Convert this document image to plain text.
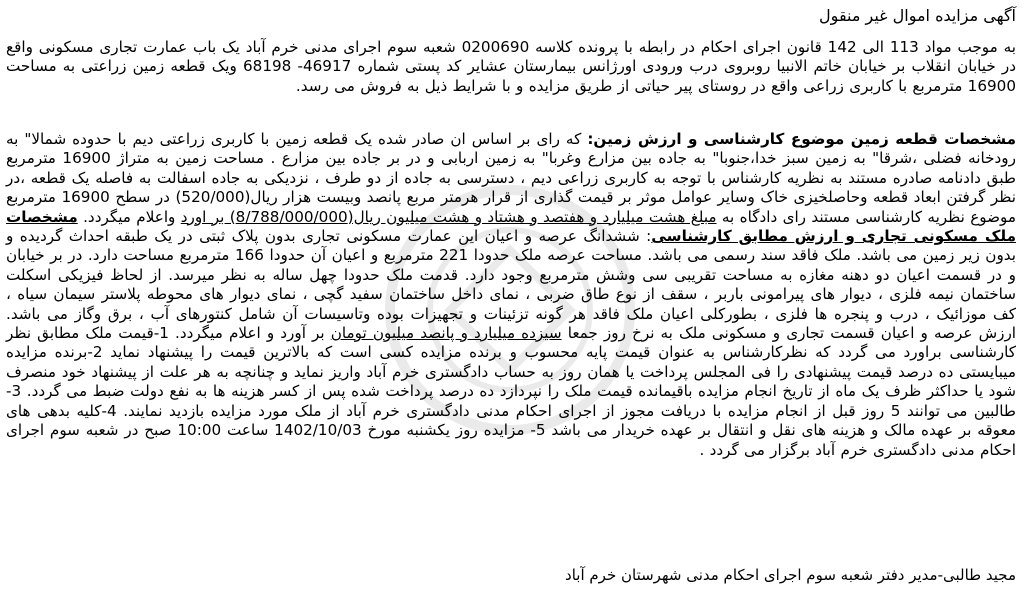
آگهی مزایده اموال غیر منقول
به موجب مواد 113 الی 142 قانون اجرای احکام در رابطه با پرونده کلاسه 0200690 شعبه سوم اجرای مدنی خرم آباد یک باب عمارت تجاری مسکونی واقع در خیابان انقلاب بر خیابان خاتم الانبیا روبروی درب ورودی اورژانس بیمارستان عشایر کد پستی شماره 46917- 68198 ویک قطعه زمین زراعتی به مساحت 16900 مترمربع با کاربری زراعی واقع در روستای پیر حیاتی از طریق مزایده و با شرایط ذیل به فروش می رسد.
مشخصات قطعه زمین موضوع کارشناسی و ارزش زمین: که رای بر اساس ان صادر شده یک قطعه زمین با کاربری زراعتی دیم با حدوده شمالا" به رودخانه فضلی ،شرقا" به زمین سبز خدا،جنوبا" به جاده بین مزارع وغربا" به زمین اربابی و در بر جاده بین مزارع . مساحت زمین به متراژ 16900 مترمربع طبق دادنامه صادره مستند به نظریه کارشناس با توجه به کاربری زراعی دیم ، دسترسی به جاده از دو طرف ، نزدیکی به جاده اسفالت به فاصله یک قطعه ،در نظر گرفتن ابعاد قطعه وحاصلخیزی خاک وسایر عوامل موثر بر قیمت گذاری از قرار هرمتر مربع پانصد وبیست هزار ریال(520/000) در سطح 16900 مترمربع موضوع نظریه کارشناسی مستند رای دادگاه به مبلغ هشت میلیارد و هفتصد و هشتاد و هشت میلیون ریال(8/788/000/000) بر اورد واعلام میگردد. مشخصات ملک مسکونی تجاری و ارزش مطابق کارشناسی: ششدانگ عرصه و اعیان این عمارت مسکونی تجاری بدون پلاک ثبتی در یک طبقه احداث گردیده و بدون زیر زمین می باشد. ملک فاقد سند رسمی می باشد. مساحت عرصه ملک حدودا 221 مترمربع و اعیان آن حدودا 166 مترمربع مساحت دارد. در بر خیابان و در قسمت اعیان دو دهنه مغازه به مساحت تقریبی سی وشش مترمربع وجود دارد. قدمت ملک حدودا چهل ساله به نظر میرسد. از لحاظ فیزیکی اسکلت ساختمان نیمه فلزی ، دیوار های پیرامونی باربر ، سقف از نوع طاق ضربی ، نمای داخل ساختمان سفید گچی ، نمای دیوار های محوطه پلاستر سیمان سیاه ، کف موزائیک ، درب و پنجره ها فلزی ، بطورکلی اعیان ملک فاقد هر گونه تزئینات و تجهیزات بوده وتاسیسات آن شامل کنتورهای آب ، برق وگاز می باشد. ارزش عرصه و اعیان قسمت تجاری و مسکونی ملک به نرخ روز جمعا سیزده میلیارد و پانصد میلیون تومان بر آورد و اعلام میگردد. 1-قیمت ملک مطابق نظر کارشناسی براورد می گردد که نظرکارشناس به عنوان قیمت پایه محسوب و برنده مزایده کسی است که بالاترین قیمت را پیشنهاد نماید 2-برنده مزایده میبایستی ده درصد قیمت پیشنهادی را فی المجلس پرداخت یا همان روز به حساب دادگستری خرم آباد واریز نماید و چنانچه به هر علت از پیشنهاد خود منصرف شود یا حداکثر ظرف یک ماه از تاریخ انجام مزایده باقیمانده قیمت ملک را نپردازد ده درصد پرداخت شده پس از کسر هزینه ها به نفع دولت ضبط می گردد. 3- طالبین می توانند 5 روز قبل از انجام مزایده با دریافت مجوز از اجرای احکام مدنی دادگستری خرم آباد از ملک مورد مزایده بازدید نمایند. 4-کلیه بدهی های معوقه بر عهده مالک و هزینه های نقل و انتقال بر عهده خریدار می باشد 5- مزایده روز یکشنبه مورخ 1402/10/03 ساعت 10:00 صبح در شعبه سوم اجرای احکام مدنی دادگستری خرم آباد برگزار می گردد .
مجید طالبی-مدیر دفتر شعبه سوم اجرای احکام مدنی شهرستان خرم آباد
